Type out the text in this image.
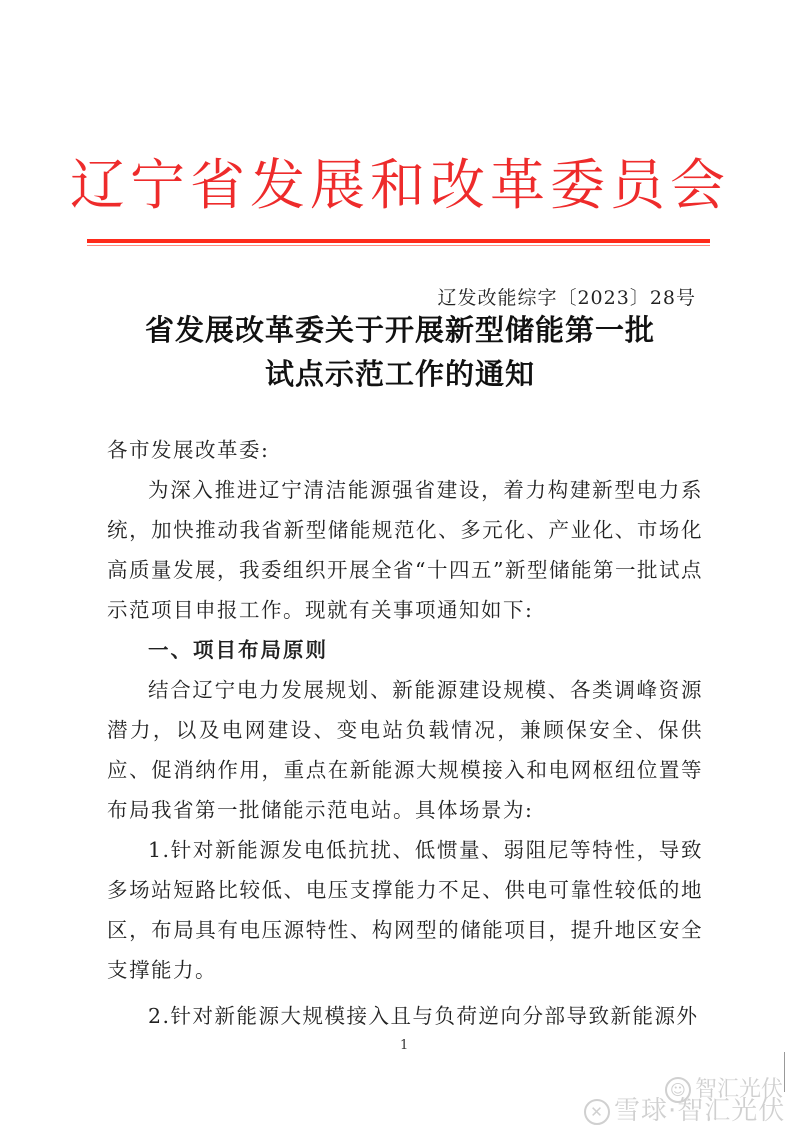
辽宁省发展和改革委员会
辽发改能综字〔2023〕28号
省发展改革委关于开展新型储能第一批
试点示范工作的通知

各市发展改革委:

为深入推进辽宁清洁能源强省建设，着力构建新型电力系统，加快推动我省新型储能规范化、多元化、产业化、市场化高质量发展，我委组织开展全省“十四五”新型储能第一批试点示范项目申报工作。现就有关事项通知如下:

一、项目布局原则

结合辽宁电力发展规划、新能源建设规模、各类调峰资源潜力，以及电网建设、变电站负载情况，兼顾保安全、保供应、促消纳作用，重点在新能源大规模接入和电网枢纽位置等布局我省第一批储能示范电站。具体场景为:

1.针对新能源发电低抗扰、低惯量、弱阻尼等特性，导致多场站短路比较低、电压支撑能力不足、供电可靠性较低的地区，布局具有电压源特性、构网型的储能项目，提升地区安全支撑能力。

2.针对新能源大规模接入且与负荷逆向分部导致新能源外

1
☺ 智汇光伏
✕ 雪球·智汇光伏
